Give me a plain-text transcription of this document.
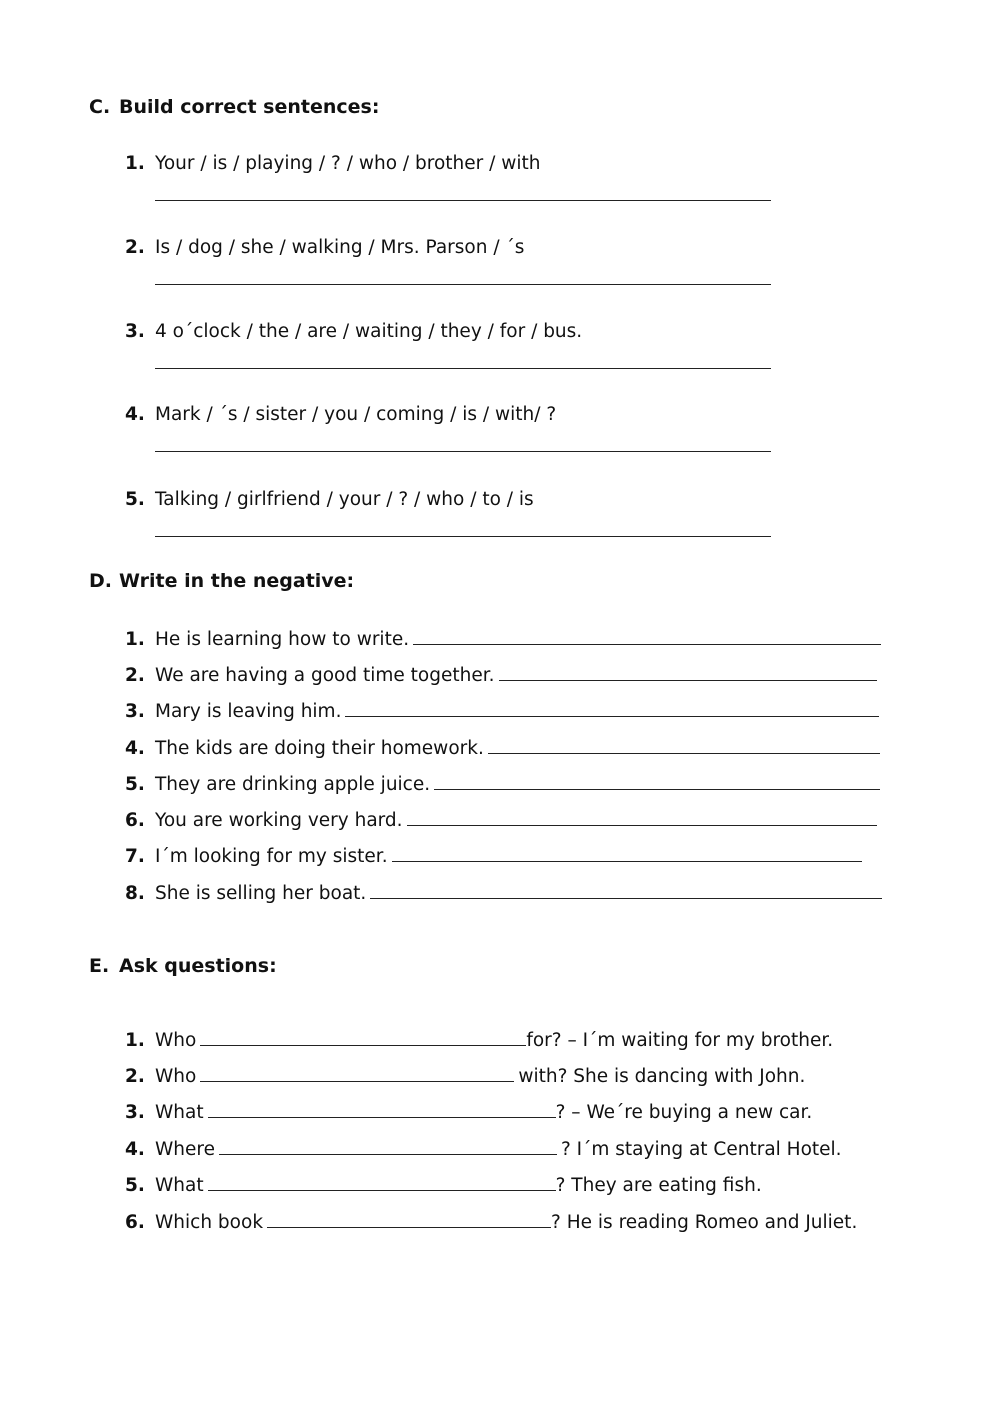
C. Build correct sentences:
1. Your / is / playing / ? / who / brother / with
2. Is / dog / she / walking / Mrs. Parson / ´s
3. 4 o´clock / the / are / waiting / they / for / bus.
4. Mark / ´s / sister / you / coming / is / with/ ?
5. Talking / girlfriend / your / ? / who / to / is
D. Write in the negative:
1. He is learning how to write.
2. We are having a good time together.
3. Mary is leaving him.
4. The kids are doing their homework.
5. They are drinking apple juice.
6. You are working very hard.
7. I´m looking for my sister.
8. She is selling her boat.
E. Ask questions:
1. Who	for? – I´m waiting for my brother.
2. Who	with? She is dancing with John.
3. What	? – We´re buying a new car.
4. Where	? I´m staying at Central Hotel.
5. What	? They are eating fish.
6. Which book	? He is reading Romeo and Juliet.
